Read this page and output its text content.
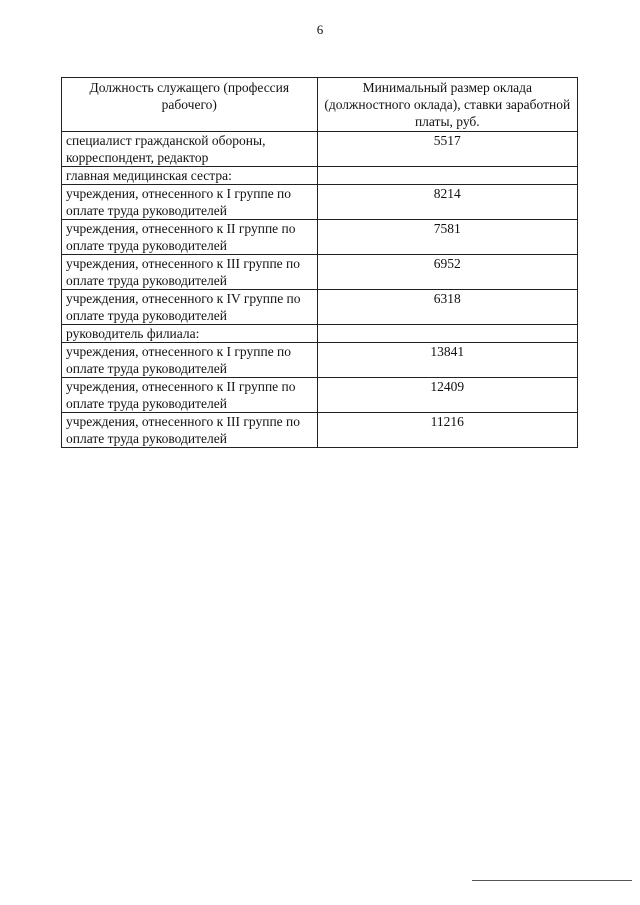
6
Должность служащего (профессия рабочего)	Минимальный размер оклада (должностного оклада), ставки заработной платы, руб.
специалист гражданской обороны, корреспондент, редактор	5517
главная медицинская сестра:	
учреждения, отнесенного к I группе по оплате труда руководителей	8214
учреждения, отнесенного к II группе по оплате труда руководителей	7581
учреждения, отнесенного к III группе по оплате труда руководителей	6952
учреждения, отнесенного к IV группе по оплате труда руководителей	6318
руководитель филиала:	
учреждения, отнесенного к I группе по оплате труда руководителей	13841
учреждения, отнесенного к II группе по оплате труда руководителей	12409
учреждения, отнесенного к III группе по оплате труда руководителей	11216
